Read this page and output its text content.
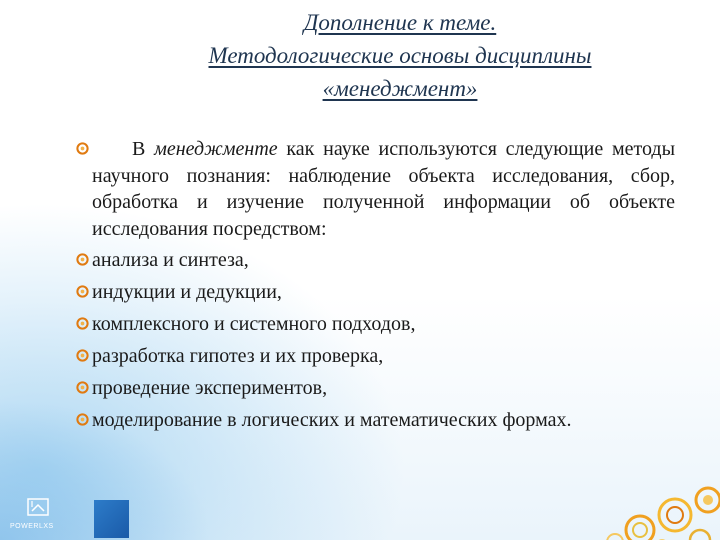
Дополнение к теме.
Методологические основы дисциплины
«менеджмент»
В менеджменте как науке используются следующие методы научного познания: наблюдение объекта исследования, сбор, обработка и изучение полученной информации об объекте исследования посредством:
анализа и синтеза,
индукции и дедукции,
комплексного и системного подходов,
разработка гипотез и их проверка,
проведение экспериментов,
моделирование в логических и математических формах.
POWERLXS
